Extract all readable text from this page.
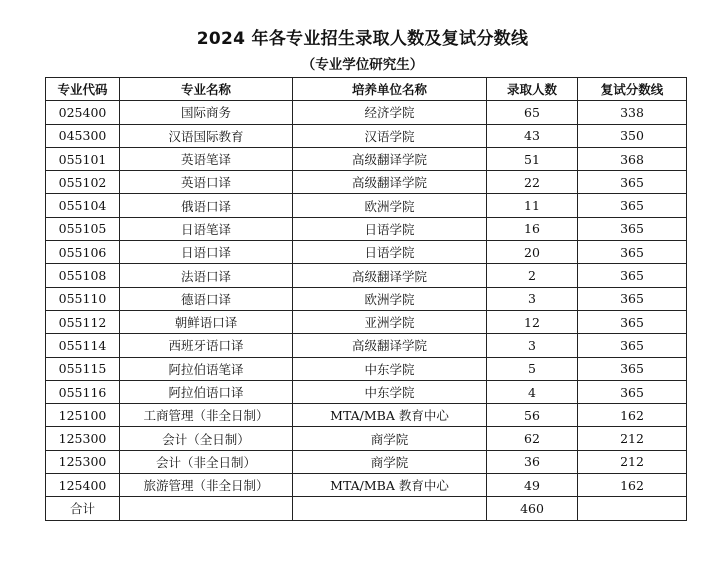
2024 年各专业招生录取人数及复试分数线
（专业学位研究生）
专业代码	专业名称	培养单位名称	录取人数	复试分数线
025400	国际商务	经济学院	65	338
045300	汉语国际教育	汉语学院	43	350
055101	英语笔译	高级翻译学院	51	368
055102	英语口译	高级翻译学院	22	365
055104	俄语口译	欧洲学院	11	365
055105	日语笔译	日语学院	16	365
055106	日语口译	日语学院	20	365
055108	法语口译	高级翻译学院	2	365
055110	德语口译	欧洲学院	3	365
055112	朝鲜语口译	亚洲学院	12	365
055114	西班牙语口译	高级翻译学院	3	365
055115	阿拉伯语笔译	中东学院	5	365
055116	阿拉伯语口译	中东学院	4	365
125100	工商管理（非全日制）	MTA/MBA 教育中心	56	162
125300	会计（全日制）	商学院	62	212
125300	会计（非全日制）	商学院	36	212
125400	旅游管理（非全日制）	MTA/MBA 教育中心	49	162
合计			460	
